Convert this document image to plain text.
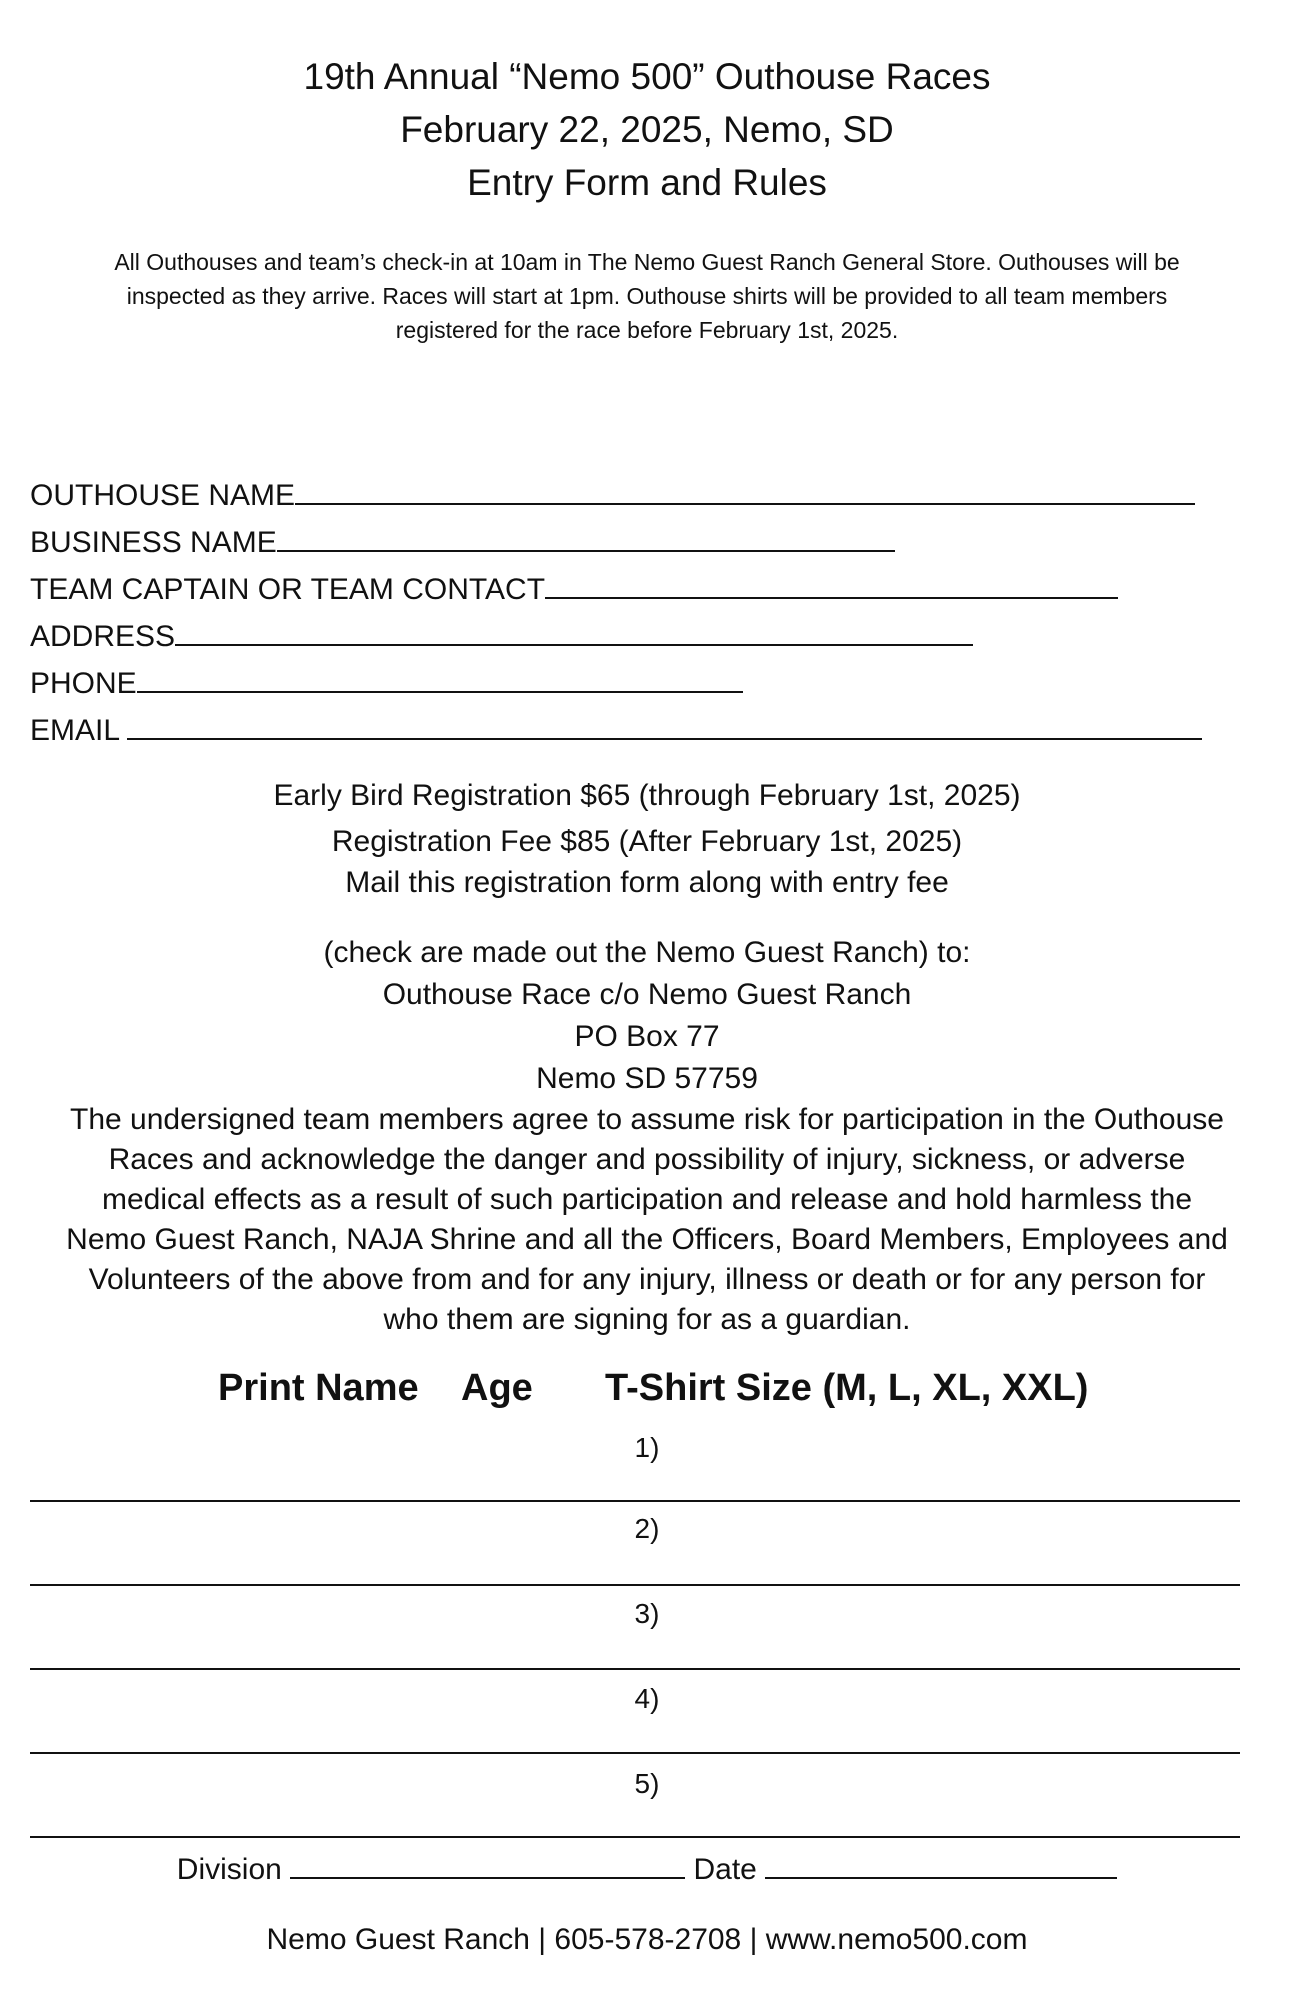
19th Annual “Nemo 500” Outhouse Races
February 22, 2025, Nemo, SD
Entry Form and Rules
All Outhouses and team’s check-in at 10am in The Nemo Guest Ranch General Store. Outhouses will be
inspected as they arrive. Races will start at 1pm. Outhouse shirts will be provided to all team members
registered for the race before February 1st, 2025.
OUTHOUSE NAME
BUSINESS NAME
TEAM CAPTAIN OR TEAM CONTACT
ADDRESS
PHONE
EMAIL
Early Bird Registration $65 (through February 1st, 2025)
Registration Fee $85 (After February 1st, 2025)
Mail this registration form along with entry fee
(check are made out the Nemo Guest Ranch) to:
Outhouse Race c/o Nemo Guest Ranch
PO Box 77
Nemo SD 57759
The undersigned team members agree to assume risk for participation in the Outhouse
Races and acknowledge the danger and possibility of injury, sickness, or adverse
medical effects as a result of such participation and release and hold harmless the
Nemo Guest Ranch, NAJA Shrine and all the Officers, Board Members, Employees and
Volunteers of the above from and for any injury, illness or death or for any person for
who them are signing for as a guardian.
Print Name Age T-Shirt Size (M, L, XL, XXL)
1)
2)
3)
4)
5)
Division	Date
Nemo Guest Ranch | 605-578-2708 | www.nemo500.com
